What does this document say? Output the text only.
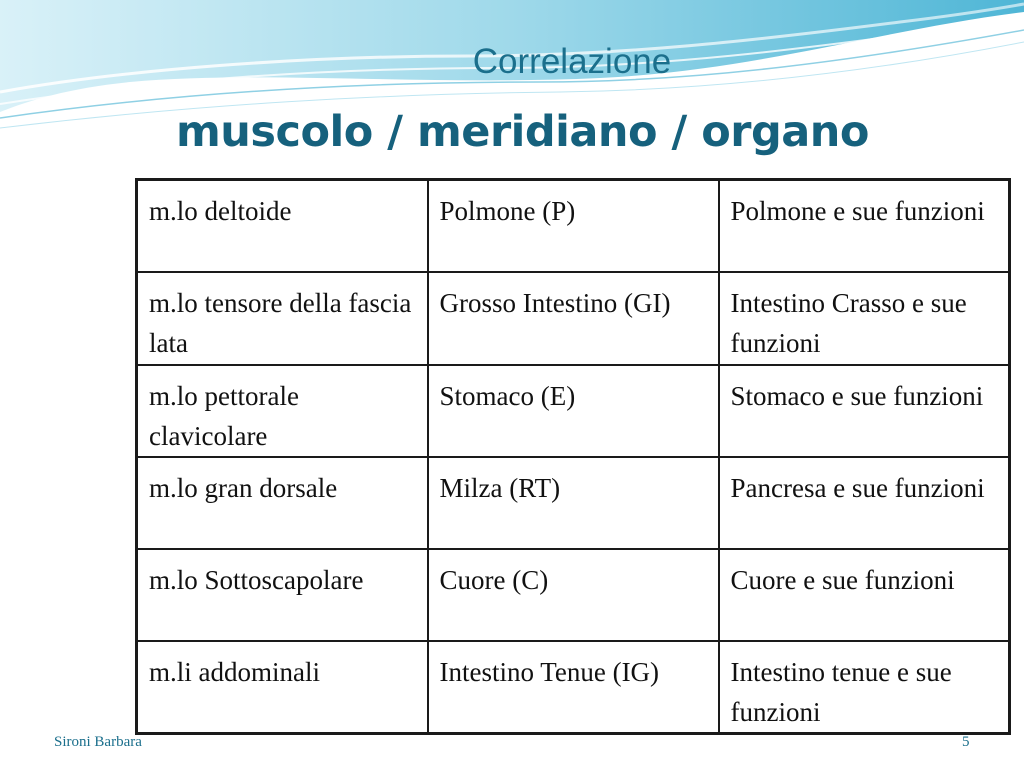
Correlazione
muscolo / meridiano / organo
m.lo deltoide	Polmone (P)	Polmone e sue funzioni
m.lo tensore della fascia lata	Grosso Intestino (GI)	Intestino Crasso e sue funzioni
m.lo pettorale clavicolare	Stomaco (E)	Stomaco e sue funzioni
m.lo gran dorsale	Milza (RT)	Pancresa e sue funzioni
m.lo Sottoscapolare	Cuore (C)	Cuore e sue funzioni
m.li addominali	Intestino Tenue (IG)	Intestino tenue e sue funzioni
Sironi Barbara	5
